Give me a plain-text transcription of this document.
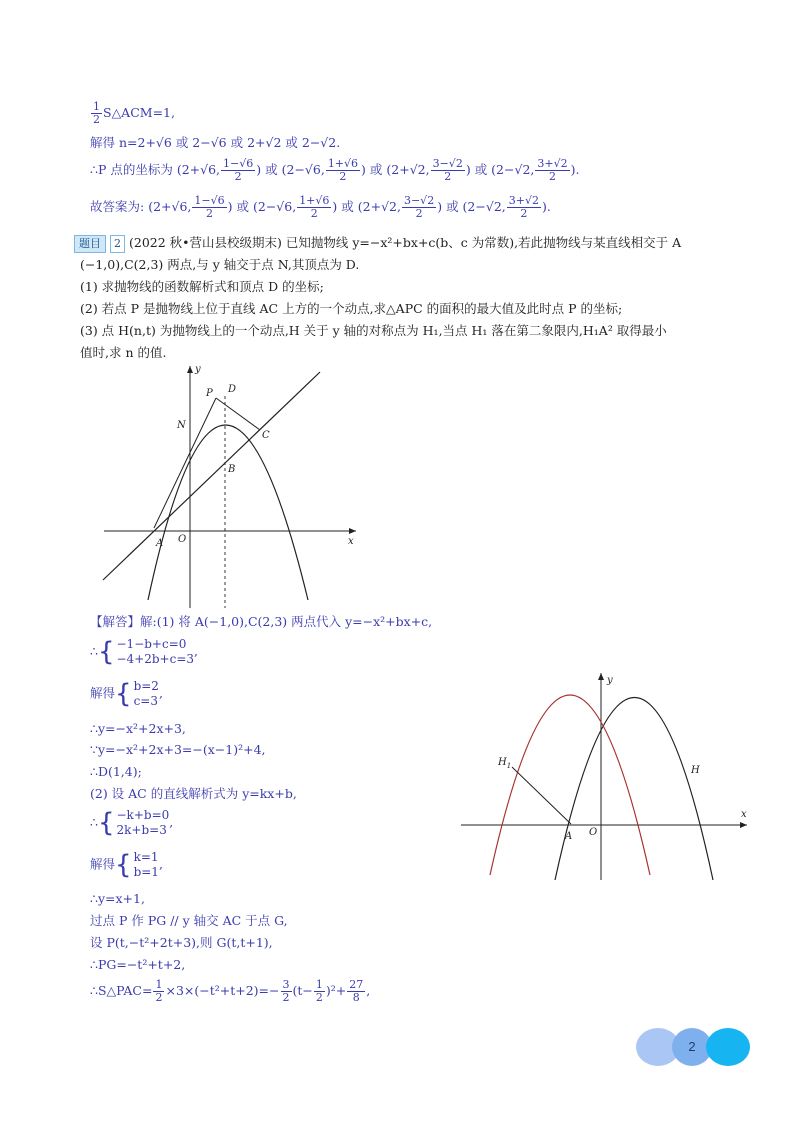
$\frac{1}{2}$ S△ACM=1,
解得 n=2+√6 或 2−√6 或 2+√2 或 2−√2.
∴P 点的坐标为 (2+√6, $\frac{1-√6}{2}$ ) 或 (2−√6, $\frac{1+√6}{2}$ ) 或 (2+√2, $\frac{3-√2}{2}$ ) 或 (2−√2, $\frac{3+√2}{2}$ ).
故答案为: (2+√6, $\frac{1-√6}{2}$ ) 或 (2−√6, $\frac{1+√6}{2}$ ) 或 (2+√2, $\frac{3-√2}{2}$ ) 或 (2−√2, $\frac{3+√2}{2}$ ).
题目 2 (2022 秋•营山县校级期末) 已知抛物线 y=−x²+bx+c(b、c 为常数),若此抛物线与某直线相交于 A
(−1,0),C(2,3) 两点,与 y 轴交于点 N,其顶点为 D.
(1) 求抛物线的函数解析式和顶点 D 的坐标;
(2) 若点 P 是抛物线上位于直线 AC 上方的一个动点,求△APC 的面积的最大值及此时点 P 的坐标;
(3) 点 H(n,t) 为抛物线上的一个动点,H 关于 y 轴的对称点为 H₁,当点 H₁ 落在第二象限内,H₁A² 取得最小
值时,求 n 的值.
P D
N
C
B
A O	x
y
【解答】解:(1) 将 A(−1,0),C(2,3) 两点代入 y=−x²+bx+c,
∴{ −1−b+c=0
−4+2b+c=3
,
解得{ b=2
c=3
,
∴y=−x²+2x+3,
∵y=−x²+2x+3=−(x−1)²+4,
∴D(1,4);
(2) 设 AC 的直线解析式为 y=kx+b,
∴{ −k+b=0
2k+b=3
,
解得{ k=1
b=1
,
∴y=x+1,
过点 P 作 PG // y 轴交 AC 于点 G,
设 P(t,−t²+2t+3),则 G(t,t+1),
∴PG=−t²+t+2,
∴S△PAC= $\frac{1}{2} \times 3\times(-t^2+t+2)=- \frac{3}{2} (t- \frac{1}{2} )^2+ \frac{27}{8}$ ,
$H_1$	H
A O
x
y
2
